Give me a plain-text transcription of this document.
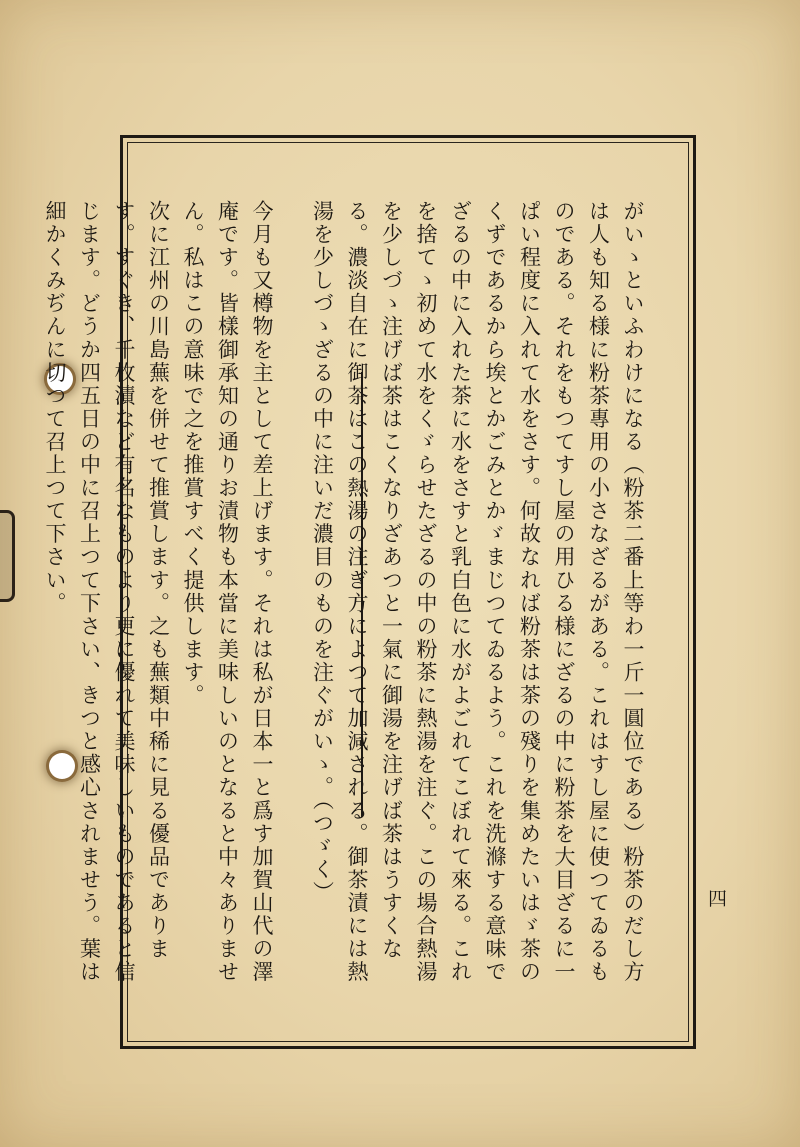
がいゝといふわけになる（粉茶二番上等わ一斤一圓位である）粉茶のだし方は人も知る様に粉茶專用の小さなざるがある。これはすし屋に使つてゐるものである。それをもつてすし屋の用ひる様にざるの中に粉茶を大目ざるに一ぱい程度に入れて水をさす。何故なれば粉茶は茶の殘りを集めたいはゞ茶のくずであるから埃とかごみとかゞまじつてゐるよう。これを洗滌する意味でざるの中に入れた茶に水をさすと乳白色に水がよごれてこぼれて來る。これを捨てゝ初めて水をくゞらせたざるの中の粉茶に熱湯を注ぐ。この場合熱湯を少しづゝ注げば茶はこくなりざあつと一氣に御湯を注げば茶はうすくなる。濃淡自在に御茶はこの熱湯の注ぎ方によつて加減される。御茶漬には熱湯を少しづゝざるの中に注いだ濃目のものを注ぐがいゝ。（つゞく）

今月も又樽物を主として差上げます。それは私が日本一と爲す加賀山代の澤庵です。皆樣御承知の通りお漬物も本當に美味しいのとなると中々ありません。私はこの意味で之を推賞すべく提供します。

次に江州の川島蕪を併せて推賞します。之も蕪類中稀に見る優品であります。すぐき、千枚漬など有名なものより更に優れて美味しいものであると信じます。どうか四五日の中に召上つて下さい、きつと感心されませう。葉は細かくみぢんに切つて召上つて下さい。

四
